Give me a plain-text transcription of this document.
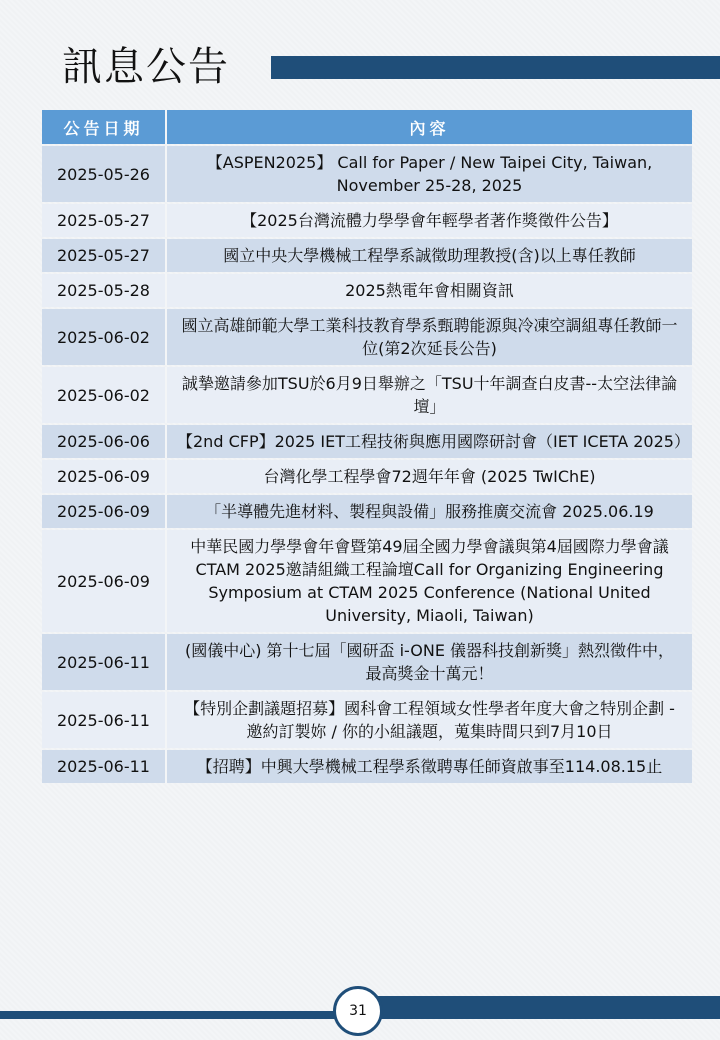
訊息公告
公告日期	內容
2025-05-26	【ASPEN2025】 Call for Paper / New Taipei City, Taiwan, November 25-28, 2025
2025-05-27	【2025台灣流體力學學會年輕學者著作獎徵件公告】
2025-05-27	國立中央大學機械工程學系誠徵助理教授(含)以上專任教師
2025-05-28	2025熱電年會相關資訊
2025-06-02	國立高雄師範大學工業科技教育學系甄聘能源與冷凍空調組專任教師一位(第2次延長公告)
2025-06-02	誠摯邀請參加TSU於6月9日舉辦之「TSU十年調查白皮書--太空法律論壇」
2025-06-06	【2nd CFP】2025 IET工程技術與應用國際研討會（IET ICETA 2025）
2025-06-09	台灣化學工程學會72週年年會 (2025 TwIChE)
2025-06-09	「半導體先進材料、製程與設備」服務推廣交流會 2025.06.19
2025-06-09	中華民國力學學會年會暨第49屆全國力學會議與第4屆國際力學會議CTAM 2025邀請組織工程論壇Call for Organizing Engineering Symposium at CTAM 2025 Conference (National United University, Miaoli, Taiwan)
2025-06-11	(國儀中心) 第十七屆「國研盃 i-ONE 儀器科技創新獎」熱烈徵件中，最高獎金十萬元！
2025-06-11	【特別企劃議題招募】國科會工程領域女性學者年度大會之特別企劃 - 邀約訂製妳 / 你的小組議題，蒐集時間只到7月10日
2025-06-11	【招聘】中興大學機械工程學系徵聘專任師資啟事至114.08.15止
31
